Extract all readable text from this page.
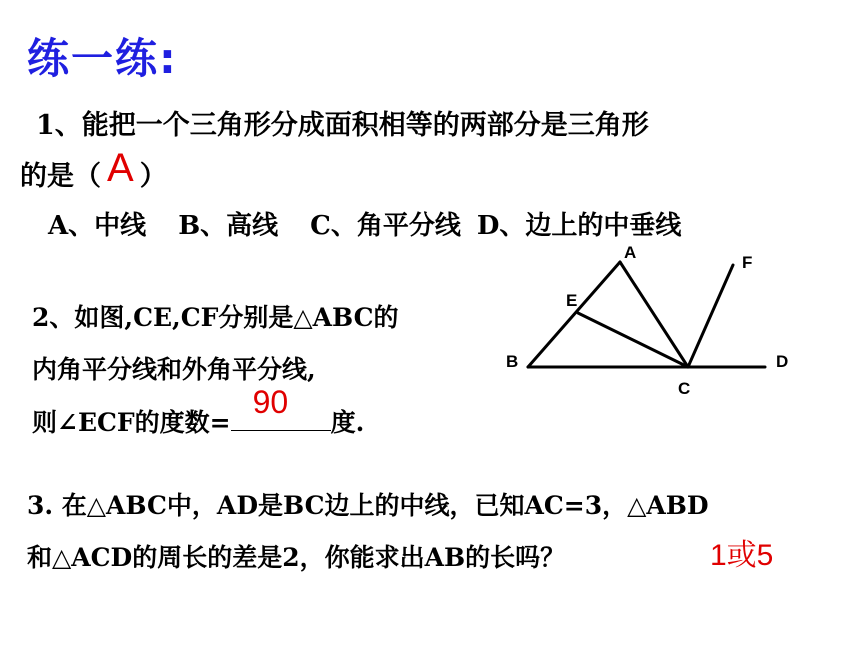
练一练:
1、能把一个三角形分成面积相等的两部分是三角形
的是（ A ）
A、中线 B、高线 C、角平分线 D、边上的中垂线
2、如图,CE,CF分别是△ABC的
内角平分线和外角平分线,
则∠ECF的度数=
90
度.
A
B
C
D
E
F
3. 在△ABC中，AD是BC边上的中线，已知AC=3，△ABD
和△ACD的周长的差是2，你能求出AB的长吗？	1或5
